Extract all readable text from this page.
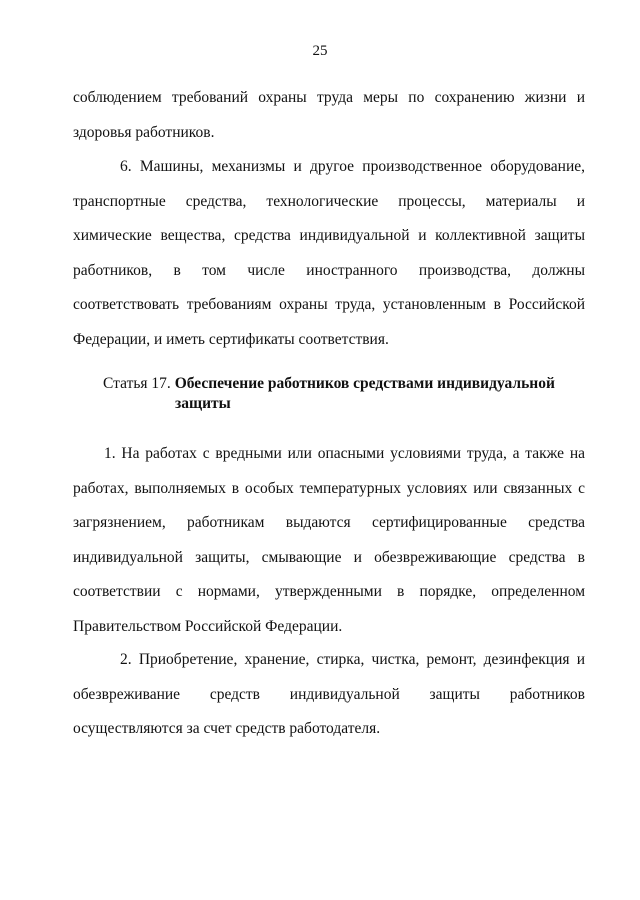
25
соблюдением требований охраны труда меры по сохранению жизни и
здоровья работников.
6. Машины, механизмы и другое производственное оборудование,
транспортные средства, технологические процессы, материалы и
химические вещества, средства индивидуальной и коллективной защиты
работников, в том числе иностранного производства, должны
соответствовать требованиям охраны труда, установленным в Российской
Федерации, и иметь сертификаты соответствия.
Статья 17. Обеспечение работников средствами индивидуальной
защиты
1. На работах с вредными или опасными условиями труда, а также на
работах, выполняемых в особых температурных условиях или связанных с
загрязнением, работникам выдаются сертифицированные средства
индивидуальной защиты, смывающие и обезвреживающие средства в
соответствии с нормами, утвержденными в порядке, определенном
Правительством Российской Федерации.
2. Приобретение, хранение, стирка, чистка, ремонт, дезинфекция и
обезвреживание средств индивидуальной защиты работников
осуществляются за счет средств работодателя.
